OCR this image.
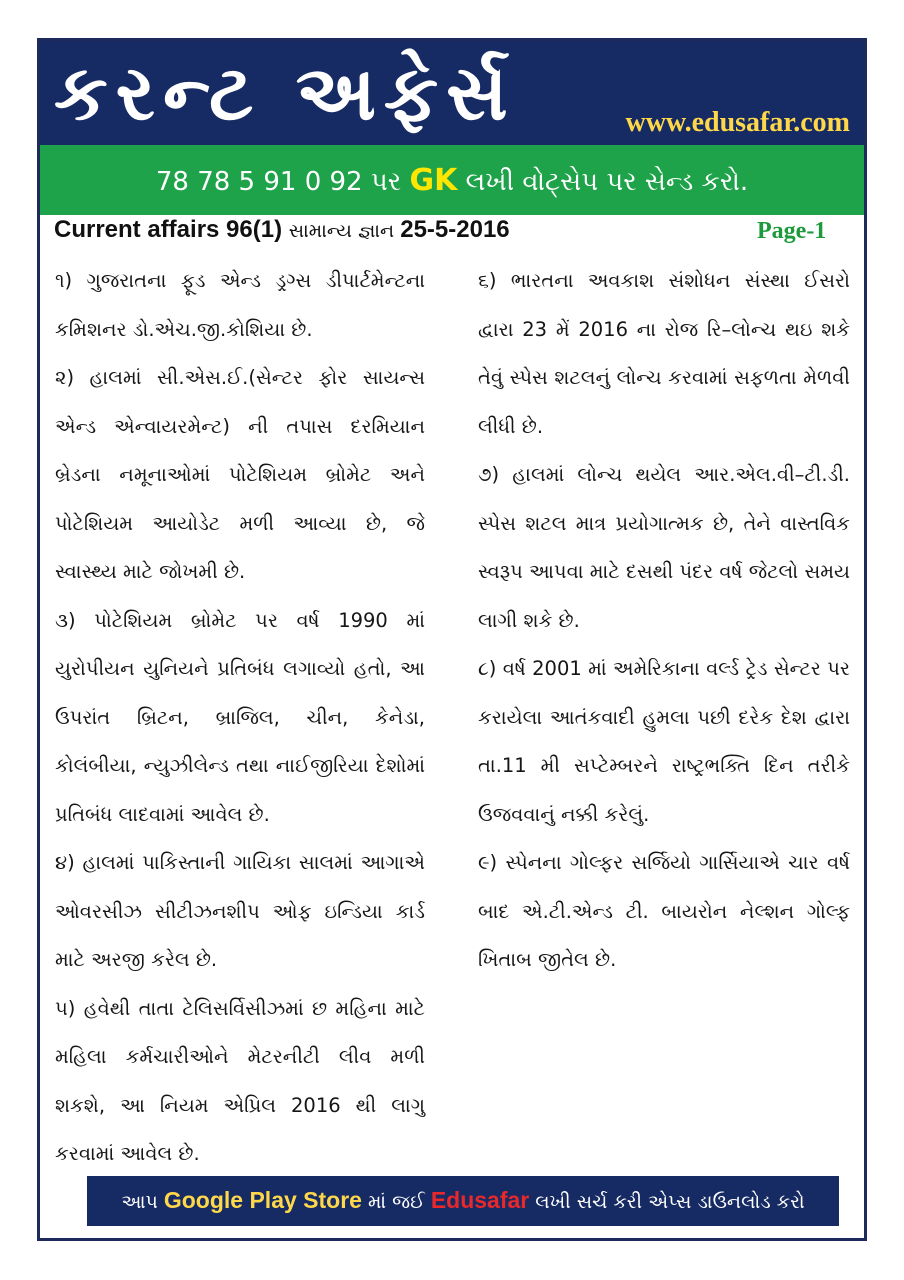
કરન્ટ અફેર્સ	www.edusafar.com
78 78 5 91 0 92 પર GK લખી વોટ્સેપ પર સેન્ડ કરો.
Current affairs 96(1) સામાન્ય જ્ઞાન 25-5-2016	Page-1

૧) ગુજરાતના ફૂડ એન્ડ ડ્રગ્સ ડીપાર્ટમેન્ટના કમિશનર ડો.એચ.જી.કોશિયા છે.

૨) હાલમાં સી.એસ.ઈ.(સેન્ટર ફોર સાયન્સ એન્ડ એન્વાયરમેન્ટ) ની તપાસ દરમિયાન બ્રેડના નમૂનાઓમાં પોટેશિયમ બ્રોમેટ અને પોટેશિયમ આયોડેટ મળી આવ્યા છે, જે સ્વાસ્થ્ય માટે જોખમી છે.

૩) પોટેશિયમ બ્રોમેટ પર વર્ષ 1990 માં યુરોપીયન યુનિયને પ્રતિબંધ લગાવ્યો હતો, આ ઉપરાંત બ્રિટન, બ્રાજિલ, ચીન, કેનેડા, કોલંબીયા, ન્યુઝીલેન્ડ તથા નાઈજીરિયા દેશોમાં પ્રતિબંધ લાદવામાં આવેલ છે.

૪) હાલમાં પાકિસ્તાની ગાયિકા સાલમાં આગાએ ઓવરસીઝ સીટીઝનશીપ ઓફ ઇન્ડિયા કાર્ડ માટે અરજી કરેલ છે.

૫) હવેથી તાતા ટેલિસર્વિસીઝમાં છ મહિના માટે મહિલા કર્મચારીઓને મેટરનીટી લીવ મળી શકશે, આ નિયમ એપ્રિલ 2016 થી લાગુ કરવામાં આવેલ છે.

૬) ભારતના અવકાશ સંશોધન સંસ્થા ઈસરો દ્વારા 23 મેં 2016 ના રોજ રિ–લોન્ચ થઇ શકે તેવું સ્પેસ શટલનું લોન્ચ કરવામાં સફળતા મેળવી લીધી છે.

૭) હાલમાં લોન્ચ થયેલ આર.એલ.વી–ટી.ડી. સ્પેસ શટલ માત્ર પ્રયોગાત્મક છે, તેને વાસ્તવિક સ્વરૂપ આપવા માટે દસથી પંદર વર્ષ જેટલો સમય લાગી શકે છે.

૮) વર્ષ 2001 માં અમેરિકાના વર્લ્ડ ટ્રેડ સેન્ટર પર કરાયેલા આતંકવાદી હુમલા પછી દરેક દેશ દ્વારા તા.11 મી સપ્ટેમ્બરને રાષ્ટ્રભક્તિ દિન તરીકે ઉજવવાનું નક્કી કરેલું.

૯) સ્પેનના ગોલ્ફર સર્જિયો ગાર્સિયાએ ચાર વર્ષ બાદ એ.ટી.એન્ડ ટી. બાયરોન નેલ્શન ગોલ્ફ ખિતાબ જીતેલ છે.

આપ Google Play Store માં જઈ Edusafar લખી સર્ચ કરી એપ્સ ડાઉનલોડ કરો
